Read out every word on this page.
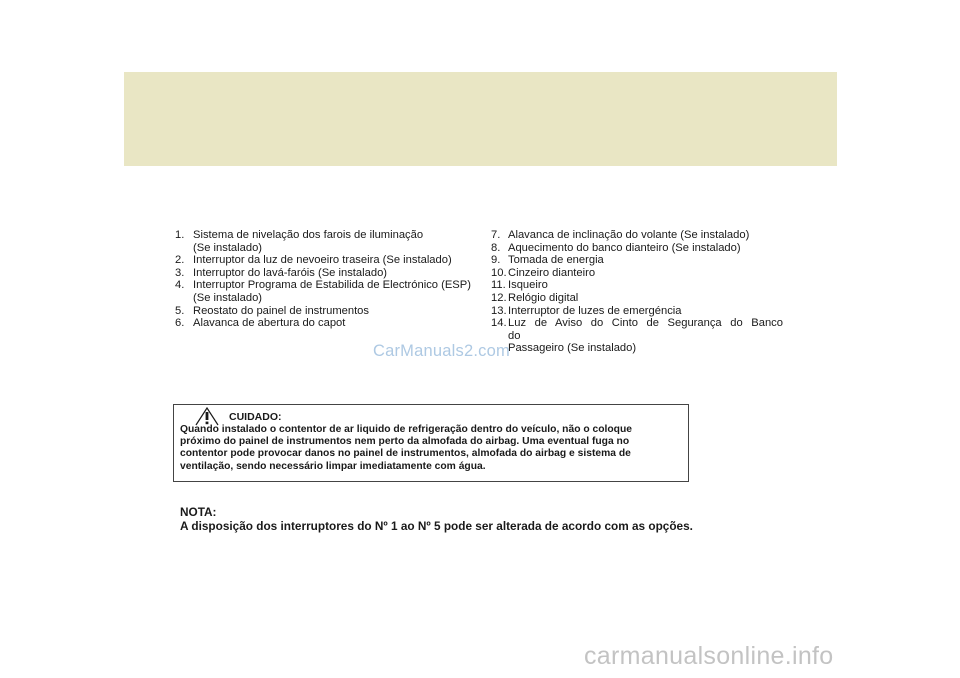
1. Sistema de nivelação dos farois de iluminação
(Se instalado)
2. Interruptor da luz de nevoeiro traseira (Se instalado)
3. Interruptor do lavá-faróis (Se instalado)
4. Interruptor Programa de Estabilida de Electrónico (ESP)
(Se instalado)
5. Reostato do painel de instrumentos
6. Alavanca de abertura do capot
7. Alavanca de inclinação do volante (Se instalado)
8. Aquecimento do banco dianteiro (Se instalado)
9. Tomada de energia
10. Cinzeiro dianteiro
11. Isqueiro
12. Relógio digital
13. Interruptor de luzes de emergéncia
14. Luz de Aviso do Cinto de Segurança do Banco do
Passageiro (Se instalado)
CarManuals2.com
CUIDADO:

Quando instalado o contentor de ar liquido de refrigeração dentro do veículo, não o coloque
próximo do painel de instrumentos nem perto da almofada do airbag. Uma eventual fuga no
contentor pode provocar danos no painel de instrumentos, almofada do airbag e sistema de
ventilação, sendo necessário limpar imediatamente com água.

NOTA:
A disposição dos interruptores do Nº 1 ao Nº 5 pode ser alterada de acordo com as opções.
carmanualsonline.info
